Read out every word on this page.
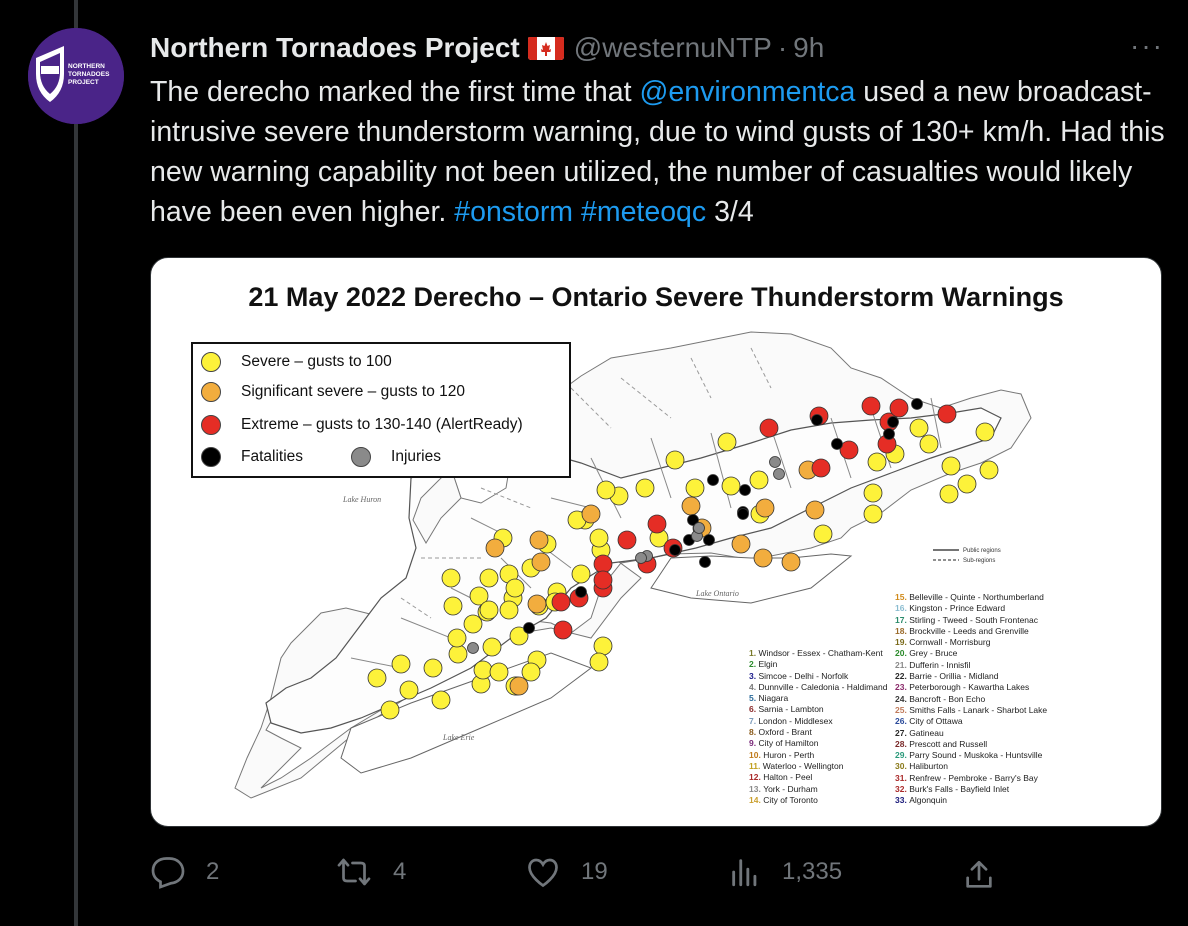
NORTHERN
TORNADOES
PROJECT
Northern Tornadoes Project @westernuNTP · 9h	···
The derecho marked the first time that @environmentca used a new broadcast-intrusive severe thunderstorm warning, due to wind gusts of 130+ km/h. Had this new warning capability not been utilized, the number of casualties would likely have been even higher. #onstorm #meteoqc 3/4
Lake Huron
Lake Ontario
Lake Erie
Public regions
Sub-regions
21 May 2022 Derecho – Ontario Severe Thunderstorm Warnings
Severe – gusts to 100
Significant severe – gusts to 120
Extreme – gusts to 130-140 (AlertReady)
Fatalities	Injuries
1. Windsor - Essex - Chatham-Kent
2. Elgin
3. Simcoe - Delhi - Norfolk
4. Dunnville - Caledonia - Haldimand
5. Niagara
6. Sarnia - Lambton
7. London - Middlesex
8. Oxford - Brant
9. City of Hamilton
10. Huron - Perth
11. Waterloo - Wellington
12. Halton - Peel
13. York - Durham
14. City of Toronto
15. Belleville - Quinte - Northumberland
16. Kingston - Prince Edward
17. Stirling - Tweed - South Frontenac
18. Brockville - Leeds and Grenville
19. Cornwall - Morrisburg
20. Grey - Bruce
21. Dufferin - Innisfil
22. Barrie - Orillia - Midland
23. Peterborough - Kawartha Lakes
24. Bancroft - Bon Echo
25. Smiths Falls - Lanark - Sharbot Lake
26. City of Ottawa
27. Gatineau
28. Prescott and Russell
29. Parry Sound - Muskoka - Huntsville
30. Haliburton
31. Renfrew - Pembroke - Barry's Bay
32. Burk's Falls - Bayfield Inlet
33. Algonquin
2	4	19	1,335
